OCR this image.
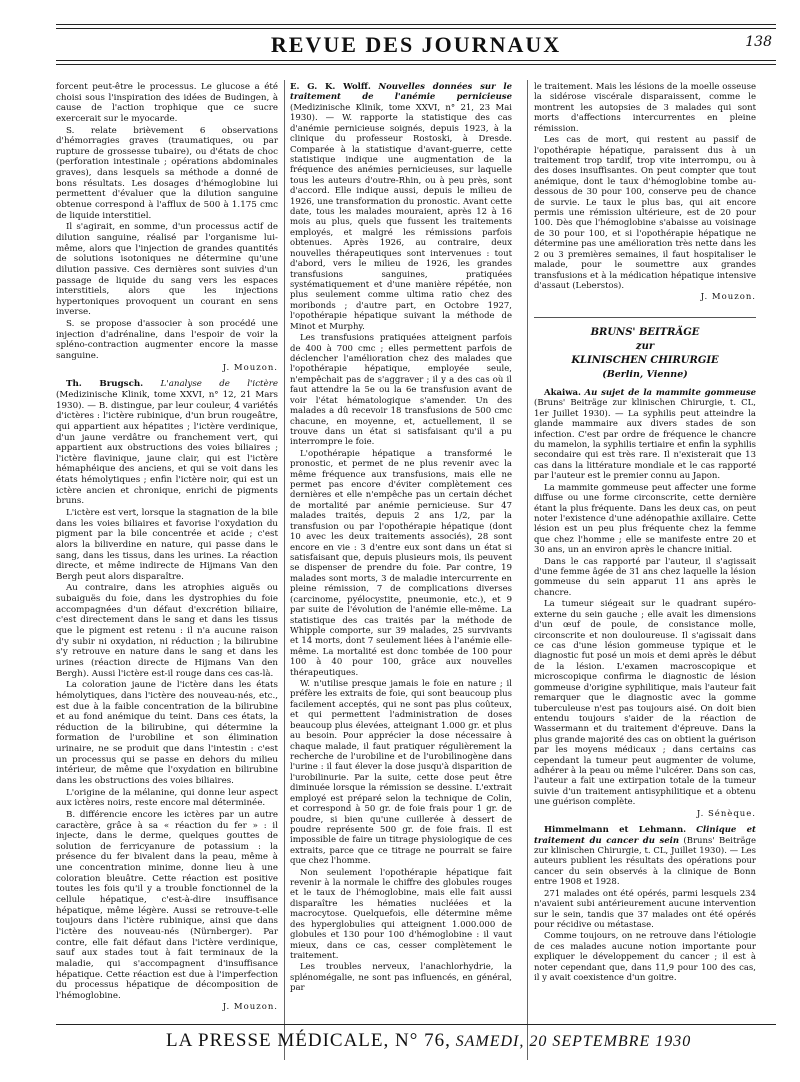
REVUE DES JOURNAUX	138

forcent peut-être le processus. Le glucose a été choisi sous l'inspiration des idées de Budingen, à cause de l'action trophique que ce sucre exercerait sur le myocarde.

S. relate brièvement 6 observations d'hémorragies graves (traumatiques, ou par rupture de grossesse tubaire), ou d'états de choc (perforation intestinale ; opérations abdominales graves), dans lesquels sa méthode a donné de bons résultats. Les dosages d'hémoglobine lui permettent d'évaluer que la dilution sanguine obtenue correspond à l'afflux de 500 à 1.175 cmc de liquide interstitiel.

Il s'agirait, en somme, d'un processus actif de dilution sanguine, réalisé par l'organisme lui-même, alors que l'injection de grandes quantités de solutions isotoniques ne détermine qu'une dilution passive. Ces dernières sont suivies d'un passage de liquide du sang vers les espaces interstitiels, alors que les injections hypertoniques provoquent un courant en sens inverse.

S. se propose d'associer à son procédé une injection d'adrénaline, dans l'espoir de voir la spléno-contraction augmenter encore la masse sanguine.

J. Mouzon.

Th. Brugsch. L'analyse de l'ictère (Medizinische Klinik, tome XXVI, n° 12, 21 Mars 1930). — B. distingue, par leur couleur, 4 variétés d'ictères : l'ictère rubinique, d'un brun rougeâtre, qui appartient aux hépatites ; l'ictère verdinique, d'un jaune verdâtre ou franchement vert, qui appartient aux obstructions des voies biliaires ; l'ictère flavinique, jaune clair, qui est l'ictère hémaphéique des anciens, et qui se voit dans les états hémolytiques ; enfin l'ictère noir, qui est un ictère ancien et chronique, enrichi de pigments bruns.

L'ictère est vert, lorsque la stagnation de la bile dans les voies biliaires et favorise l'oxydation du pigment par la bile concentrée et acide ; c'est alors la biliverdine en nature, qui passe dans le sang, dans les tissus, dans les urines. La réaction directe, et même indirecte de Hijmans Van den Bergh peut alors disparaître.

Au contraire, dans les atrophies aiguës ou subaiguës du foie, dans les dystrophies du foie accompagnées d'un défaut d'excrétion biliaire, c'est directement dans le sang et dans les tissus que le pigment est retenu : il n'a aucune raison d'y subir ni oxydation, ni réduction ; la bilirubine s'y retrouve en nature dans le sang et dans les urines (réaction directe de Hijmans Van den Bergh). Aussi l'ictère est-il rouge dans ces cas-là.

La coloration jaune de l'ictère dans les états hémolytiques, dans l'ictère des nouveau-nés, etc., est due à la faible concentration de la bilirubine et au fond anémique du teint. Dans ces états, la réduction de la bilirubine, qui détermine la formation de l'urobiline et son élimination urinaire, ne se produit que dans l'intestin : c'est un processus qui se passe en dehors du milieu intérieur, de même que l'oxydation en bilirubine dans les obstructions des voies biliaires.

L'origine de la mélanine, qui donne leur aspect aux ictères noirs, reste encore mal déterminée.

B. différencie encore les ictères par un autre caractère, grâce à sa « réaction du fer » : il injecte, dans le derme, quelques gouttes de solution de ferricyanure de potassium : la présence du fer bivalent dans la peau, même à une concentration minime, donne lieu à une coloration bleuâtre. Cette réaction est positive toutes les fois qu'il y a trouble fonctionnel de la cellule hépatique, c'est-à-dire insuffisance hépatique, même légère. Aussi se retrouve-t-elle toujours dans l'ictère rubinique, ainsi que dans l'ictère des nouveau-nés (Nürnberger). Par contre, elle fait défaut dans l'ictère verdinique, sauf aux stades tout à fait terminaux de la maladie, qui s'accompagnent d'insuffisance hépatique. Cette réaction est due à l'imperfection du processus hépatique de décomposition de l'hémoglobine.

J. Mouzon.

E. G. K. Wolff. Nouvelles données sur le traitement de l'anémie pernicieuse (Medizinische Klinik, tome XXVI, n° 21, 23 Mai 1930). — W. rapporte la statistique des cas d'anémie pernicieuse soignés, depuis 1923, à la clinique du professeur Rostoski, à Dresde. Comparée à la statistique d'avant-guerre, cette statistique indique une augmentation de la fréquence des anémies pernicieuses, sur laquelle tous les auteurs d'outre-Rhin, ou à peu près, sont d'accord. Elle indique aussi, depuis le milieu de 1926, une transformation du pronostic. Avant cette date, tous les malades mouraient, après 12 à 16 mois au plus, quels que fussent les traitements employés, et malgré les rémissions parfois obtenues. Après 1926, au contraire, deux nouvelles thérapeutiques sont intervenues : tout d'abord, vers le milieu de 1926, les grandes transfusions sanguines, pratiquées systématiquement et d'une manière répétée, non plus seulement comme ultima ratio chez des moribonds ; d'autre part, en Octobre 1927, l'opothérapie hépatique suivant la méthode de Minot et Murphy.

Les transfusions pratiquées atteignent parfois de 400 à 700 cmc ; elles permettent parfois de déclencher l'amélioration chez des malades que l'opothérapie hépatique, employée seule, n'empêchait pas de s'aggraver ; il y a des cas où il faut attendre la 5e ou la 6e transfusion avant de voir l'état hématologique s'amender. Un des malades a dû recevoir 18 transfusions de 500 cmc chacune, en moyenne, et, actuellement, il se trouve dans un état si satisfaisant qu'il a pu interrompre le foie.

L'opothérapie hépatique a transformé le pronostic, et permet de ne plus revenir avec la même fréquence aux transfusions, mais elle ne permet pas encore d'éviter complètement ces dernières et elle n'empêche pas un certain déchet de mortalité par anémie pernicieuse. Sur 47 malades traités, depuis 2 ans 1/2, par la transfusion ou par l'opothérapie hépatique (dont 10 avec les deux traitements associés), 28 sont encore en vie : 3 d'entre eux sont dans un état si satisfaisant que, depuis plusieurs mois, ils peuvent se dispenser de prendre du foie. Par contre, 19 malades sont morts, 3 de maladie intercurrente en pleine rémission, 7 de complications diverses (carcinome, pyélocystite, pneumonie, etc.), et 9 par suite de l'évolution de l'anémie elle-même. La statistique des cas traités par la méthode de Whipple comporte, sur 39 malades, 25 survivants et 14 morts, dont 7 seulement liées à l'anémie elle-même. La mortalité est donc tombée de 100 pour 100 à 40 pour 100, grâce aux nouvelles thérapeutiques.

W. n'utilise presque jamais le foie en nature ; il préfère les extraits de foie, qui sont beaucoup plus facilement acceptés, qui ne sont pas plus coûteux, et qui permettent l'administration de doses beaucoup plus élevées, atteignant 1.000 gr. et plus au besoin. Pour apprécier la dose nécessaire à chaque malade, il faut pratiquer régulièrement la recherche de l'urobiline et de l'urobilinogène dans l'urine : il faut élever la dose jusqu'à disparition de l'urobilinurie. Par la suite, cette dose peut être diminuée lorsque la rémission se dessine. L'extrait employé est préparé selon la technique de Colin, et correspond à 50 gr. de foie frais pour 1 gr. de poudre, si bien qu'une cuillerée à dessert de poudre représente 500 gr. de foie frais. Il est impossible de faire un titrage physiologique de ces extraits, parce que ce titrage ne pourrait se faire que chez l'homme.

Non seulement l'opothérapie hépatique fait revenir à la normale le chiffre des globules rouges et le taux de l'hémoglobine, mais elle fait aussi disparaître les hématies nucléées et la macrocytose. Quelquefois, elle détermine même des hyperglobulies qui atteignent 1.000.000 de globules et 130 pour 100 d'hémoglobine : il vaut mieux, dans ce cas, cesser complètement le traitement.

Les troubles nerveux, l'anachlorhydrie, la splénomégalie, ne sont pas influencés, en général, par

le traitement. Mais les lésions de la moelle osseuse la sidérose viscérale disparaissent, comme le montrent les autopsies de 3 malades qui sont morts d'affections intercurrentes en pleine rémission.

Les cas de mort, qui restent au passif de l'opothérapie hépatique, paraissent dus à un traitement trop tardif, trop vite interrompu, ou à des doses insuffisantes. On peut compter que tout anémique, dont le taux d'hémoglobine tombe au-dessous de 30 pour 100, conserve peu de chance de survie. Le taux le plus bas, qui ait encore permis une rémission ultérieure, est de 20 pour 100. Dès que l'hémoglobine s'abaisse au voisinage de 30 pour 100, et si l'opothérapie hépatique ne détermine pas une amélioration très nette dans les 2 ou 3 premières semaines, il faut hospitaliser le malade, pour le soumettre aux grandes transfusions et à la médication hépatique intensive d'assaut (Leberstos).

J. Mouzon.
BRUNS' BEITRÄGE
zur
KLINISCHEN CHIRURGIE
(Berlin, Vienne)

Akaiwa. Au sujet de la mammite gommeuse (Bruns' Beiträge zur klinischen Chirurgie, t. CL, 1er Juillet 1930). — La syphilis peut atteindre la glande mammaire aux divers stades de son infection. C'est par ordre de fréquence le chancre du mamelon, la syphilis tertiaire et enfin la syphilis secondaire qui est très rare. Il n'existerait que 13 cas dans la littérature mondiale et le cas rapporté par l'auteur est le premier connu au Japon.

La mammite gommeuse peut affecter une forme diffuse ou une forme circonscrite, cette dernière étant la plus fréquente. Dans les deux cas, on peut noter l'existence d'une adénopathie axillaire. Cette lésion est un peu plus fréquente chez la femme que chez l'homme ; elle se manifeste entre 20 et 30 ans, un an environ après le chancre initial.

Dans le cas rapporté par l'auteur, il s'agissait d'une femme âgée de 31 ans chez laquelle la lésion gommeuse du sein apparut 11 ans après le chancre.

La tumeur siégeait sur le quadrant supéro-externe du sein gauche ; elle avait les dimensions d'un œuf de poule, de consistance molle, circonscrite et non douloureuse. Il s'agissait dans ce cas d'une lésion gommeuse typique et le diagnostic fut posé un mois et demi après le début de la lésion. L'examen macroscopique et microscopique confirma le diagnostic de lésion gommeuse d'origine syphilitique, mais l'auteur fait remarquer que le diagnostic avec la gomme tuberculeuse n'est pas toujours aisé. On doit bien entendu toujours s'aider de la réaction de Wassermann et du traitement d'épreuve. Dans la plus grande majorité des cas on obtient la guérison par les moyens médicaux ; dans certains cas cependant la tumeur peut augmenter de volume, adhérer à la peau ou même l'ulcérer. Dans son cas, l'auteur a fait une extirpation totale de la tumeur suivie d'un traitement antisyphilitique et a obtenu une guérison complète.

J. Sénèque.

Himmelmann et Lehmann. Clinique et traitement du cancer du sein (Bruns' Beiträge zur klinischen Chirurgie, t. CL, Juillet 1930). — Les auteurs publient les résultats des opérations pour cancer du sein observés à la clinique de Bonn entre 1908 et 1928.

271 malades ont été opérés, parmi lesquels 234 n'avaient subi antérieurement aucune intervention sur le sein, tandis que 37 malades ont été opérés pour récidive ou métastase.

Comme toujours, on ne retrouve dans l'étiologie de ces malades aucune notion importante pour expliquer le développement du cancer ; il est à noter cependant que, dans 11,9 pour 100 des cas, il y avait coexistence d'un goitre.

LA PRESSE MÉDICALE, N° 76, SAMEDI, 20 SEPTEMBRE 1930
